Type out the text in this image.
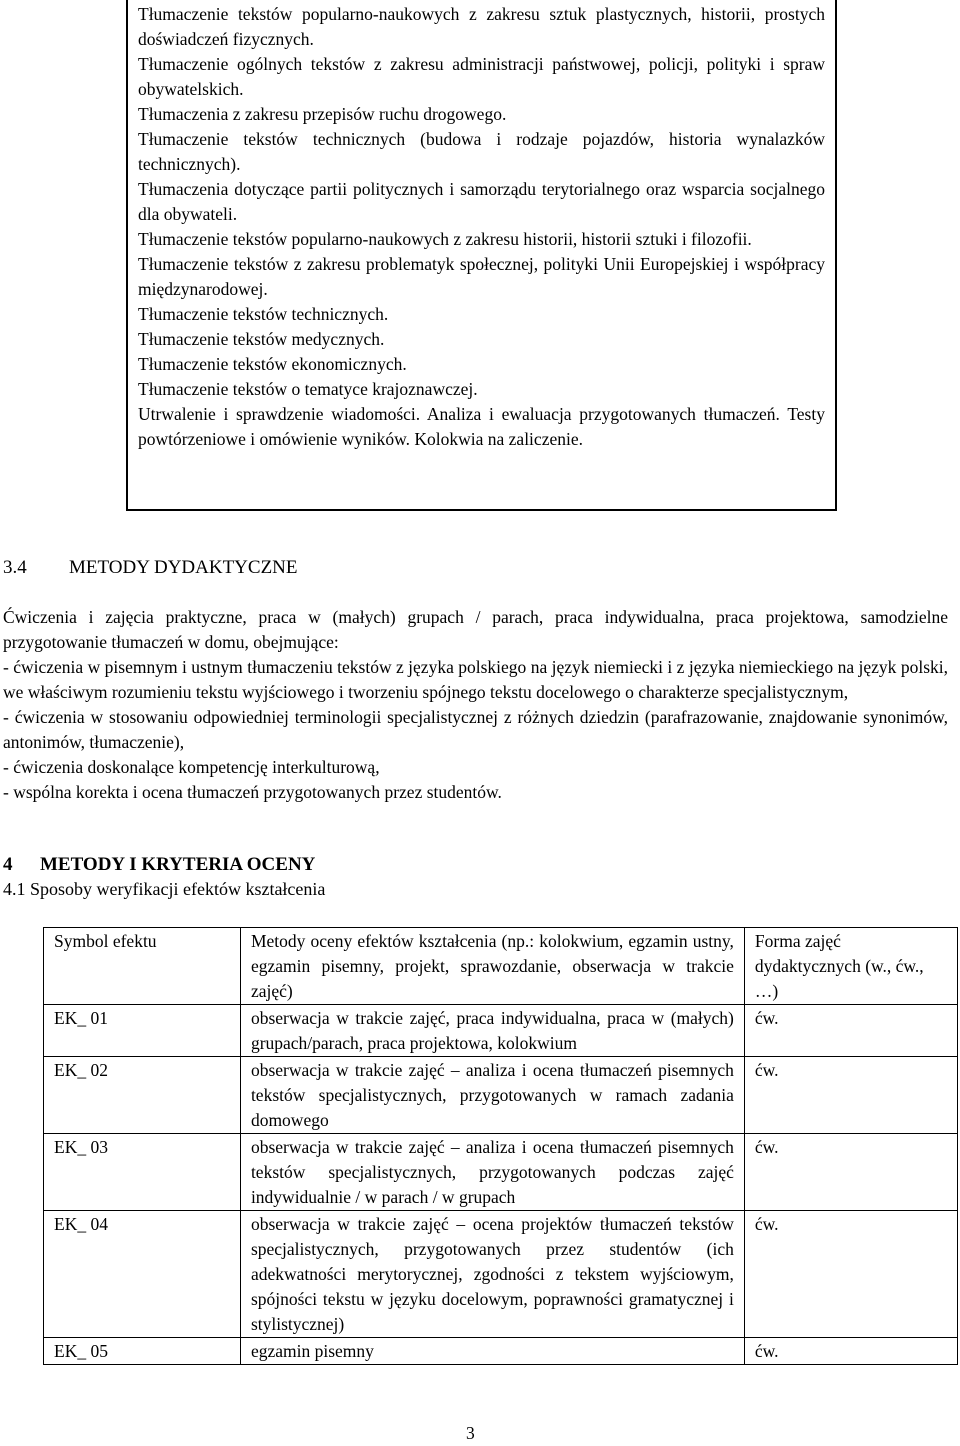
Tłumaczenie tekstów popularno-naukowych z zakresu sztuk plastycznych, historii, prostych doświadczeń fizycznych.

Tłumaczenie ogólnych tekstów z zakresu administracji państwowej, policji, polityki i spraw obywatelskich.

Tłumaczenia z zakresu przepisów ruchu drogowego.

Tłumaczenie tekstów technicznych (budowa i rodzaje pojazdów, historia wynalazków technicznych).

Tłumaczenia dotyczące partii politycznych i samorządu terytorialnego oraz wsparcia socjalnego dla obywateli.

Tłumaczenie tekstów popularno-naukowych z zakresu historii, historii sztuki i filozofii.

Tłumaczenie tekstów z zakresu problematyk społecznej, polityki Unii Europejskiej i współpracy międzynarodowej.

Tłumaczenie tekstów technicznych.

Tłumaczenie tekstów medycznych.

Tłumaczenie tekstów ekonomicznych.

Tłumaczenie tekstów o tematyce krajoznawczej.

Utrwalenie i sprawdzenie wiadomości. Analiza i ewaluacja przygotowanych tłumaczeń. Testy powtórzeniowe i omówienie wyników. Kolokwia na zaliczenie.

3.4 METODY DYDAKTYCZNE

Ćwiczenia i zajęcia praktyczne, praca w (małych) grupach / parach, praca indywidualna, praca projektowa, samodzielne przygotowanie tłumaczeń w domu, obejmujące:

- ćwiczenia w pisemnym i ustnym tłumaczeniu tekstów z języka polskiego na język niemiecki i z języka niemieckiego na język polski, we właściwym rozumieniu tekstu wyjściowego i tworzeniu spójnego tekstu docelowego o charakterze specjalistycznym,

- ćwiczenia w stosowaniu odpowiedniej terminologii specjalistycznej z różnych dziedzin (parafrazowanie, znajdowanie synonimów, antonimów, tłumaczenie),

- ćwiczenia doskonalące kompetencję interkulturową,

- wspólna korekta i ocena tłumaczeń przygotowanych przez studentów.

4 METODY I KRYTERIA OCENY
4.1 Sposoby weryfikacji efektów kształcenia
Symbol efektu	Metody oceny efektów kształcenia (np.: kolokwium, egzamin ustny, egzamin pisemny, projekt, sprawozdanie, obserwacja w trakcie zajęć)	Forma zajęć dydaktycznych (w., ćw., …)
EK_ 01	obserwacja w trakcie zajęć, praca indywidualna, praca w (małych) grupach/parach, praca projektowa, kolokwium	ćw.
EK_ 02	obserwacja w trakcie zajęć – analiza i ocena tłumaczeń pisemnych tekstów specjalistycznych, przygotowanych w ramach zadania domowego	ćw.
EK_ 03	obserwacja w trakcie zajęć – analiza i ocena tłumaczeń pisemnych tekstów specjalistycznych, przygotowanych podczas zajęć indywidualnie / w parach / w grupach	ćw.
EK_ 04	obserwacja w trakcie zajęć – ocena projektów tłumaczeń tekstów specjalistycznych, przygotowanych przez studentów (ich adekwatności merytorycznej, zgodności z tekstem wyjściowym, spójności tekstu w języku docelowym, poprawności gramatycznej i stylistycznej)	ćw.
EK_ 05	egzamin pisemny	ćw.
3
